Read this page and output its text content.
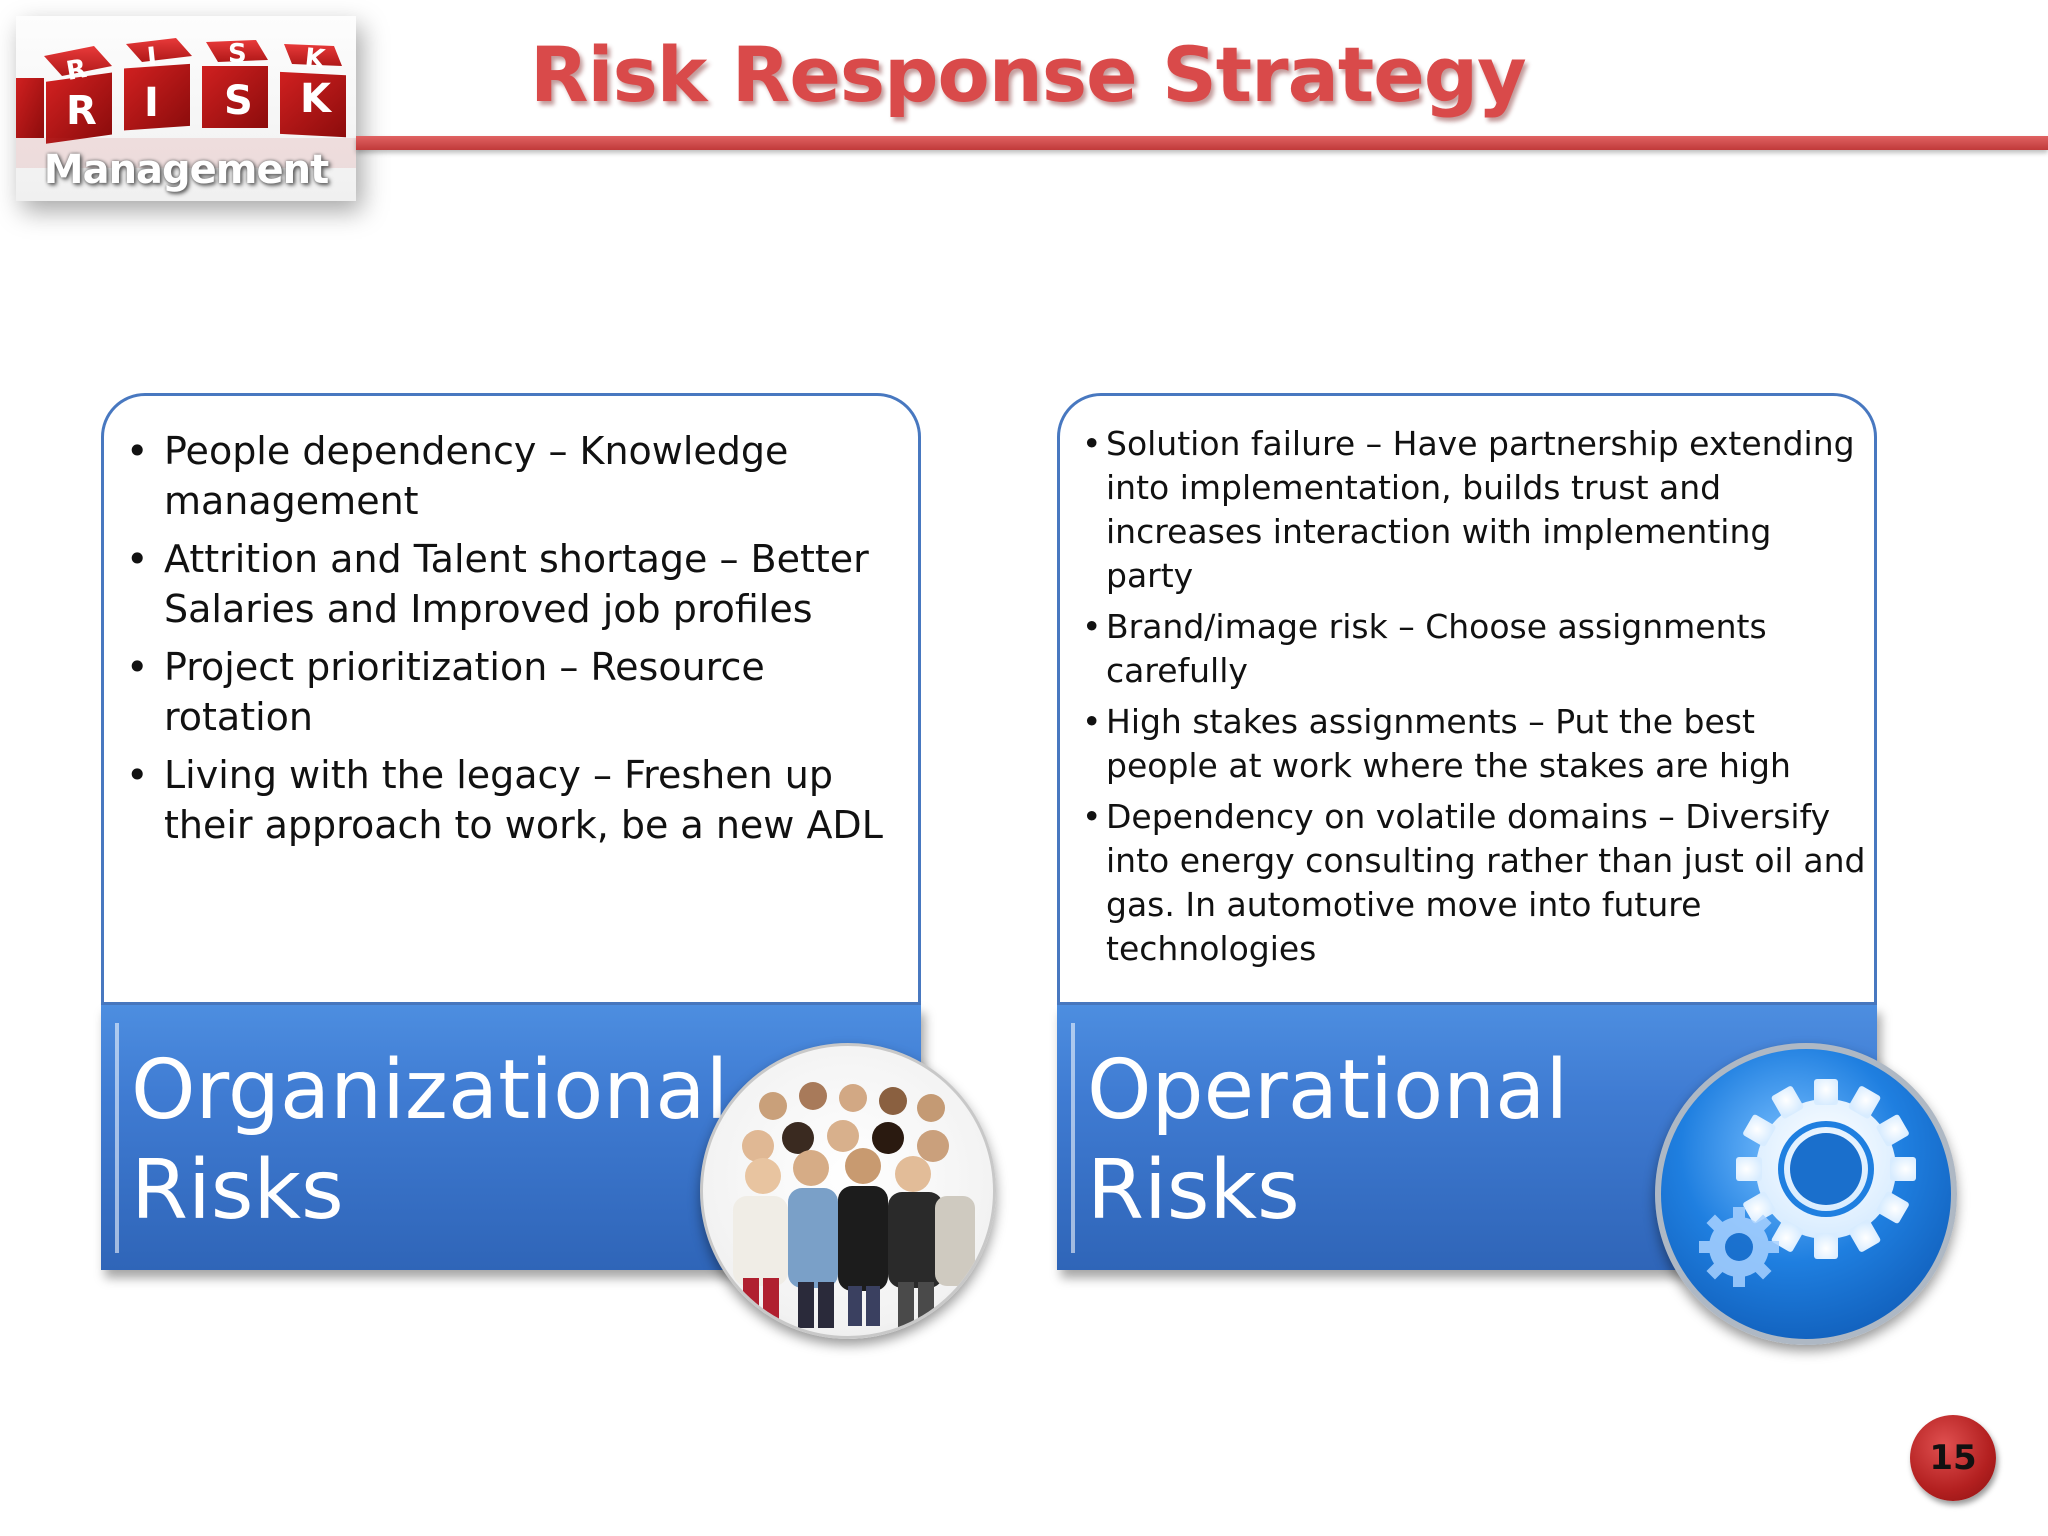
R I	S K
R I S K
Management
Risk Response Strategy
• People dependency – Knowledge management
• Attrition and Talent shortage – Better Salaries and Improved job profiles
• Project prioritization – Resource rotation
• Living with the legacy – Freshen up their approach to work, be a new ADL
Organizational
Risks
• Solution failure – Have partnership extending into implementation, builds trust and increases interaction with implementing party
• Brand/image risk – Choose assignments carefully
• High stakes assignments – Put the best people at work where the stakes are high
• Dependency on volatile domains – Diversify into energy consulting rather than just oil and gas. In automotive move into future technologies
Operational
Risks
15
